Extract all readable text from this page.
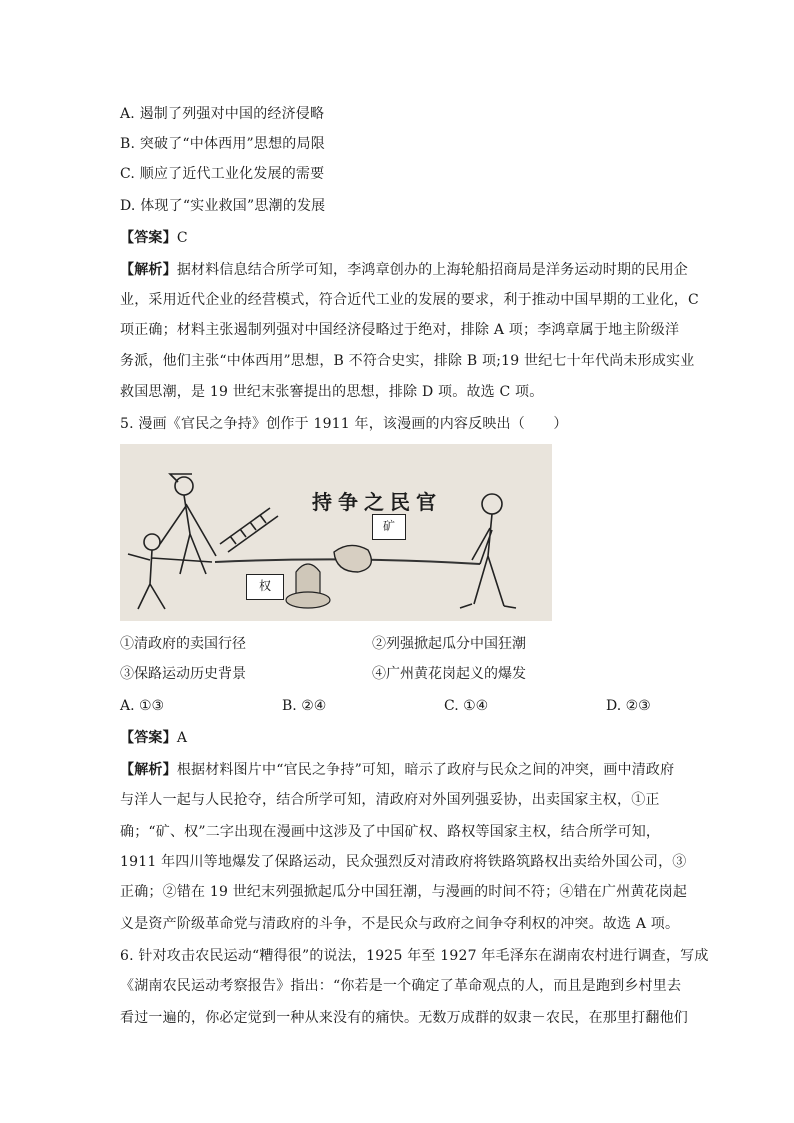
A. 遏制了列强对中国的经济侵略
B. 突破了“中体西用”思想的局限
C. 顺应了近代工业化发展的需要
D. 体现了“实业救国”思潮的发展
【答案】C
【解析】据材料信息结合所学可知，李鸿章创办的上海轮船招商局是洋务运动时期的民用企
业，采用近代企业的经营模式，符合近代工业的发展的要求，利于推动中国早期的工业化，C
项正确；材料主张遏制列强对中国经济侵略过于绝对，排除 A 项；李鸿章属于地主阶级洋
务派，他们主张“中体西用”思想，B 不符合史实，排除 B 项;19 世纪七十年代尚未形成实业
救国思潮，是 19 世纪末张謇提出的思想，排除 D 项。故选 C 项。
5. 漫画《官民之争持》创作于 1911 年，该漫画的内容反映出（　　）
持争之民官
矿
权
①清政府的卖国行径	②列强掀起瓜分中国狂潮
③保路运动历史背景	④广州黄花岗起义的爆发
A. ①③	B. ②④	C. ①④	D. ②③
【答案】A
【解析】根据材料图片中“官民之争持”可知，暗示了政府与民众之间的冲突，画中清政府
与洋人一起与人民抢夺，结合所学可知，清政府对外国列强妥协，出卖国家主权，①正
确；“矿、权”二字出现在漫画中这涉及了中国矿权、路权等国家主权，结合所学可知，
1911 年四川等地爆发了保路运动，民众强烈反对清政府将铁路筑路权出卖给外国公司，③
正确；②错在 19 世纪末列强掀起瓜分中国狂潮，与漫画的时间不符；④错在广州黄花岗起
义是资产阶级革命党与清政府的斗争，不是民众与政府之间争夺利权的冲突。故选 A 项。
6. 针对攻击农民运动“糟得很”的说法，1925 年至 1927 年毛泽东在湖南农村进行调查，写成
《湖南农民运动考察报告》指出：“你若是一个确定了革命观点的人，而且是跑到乡村里去
看过一遍的，你必定觉到一种从来没有的痛快。无数万成群的奴隶－农民，在那里打翻他们
